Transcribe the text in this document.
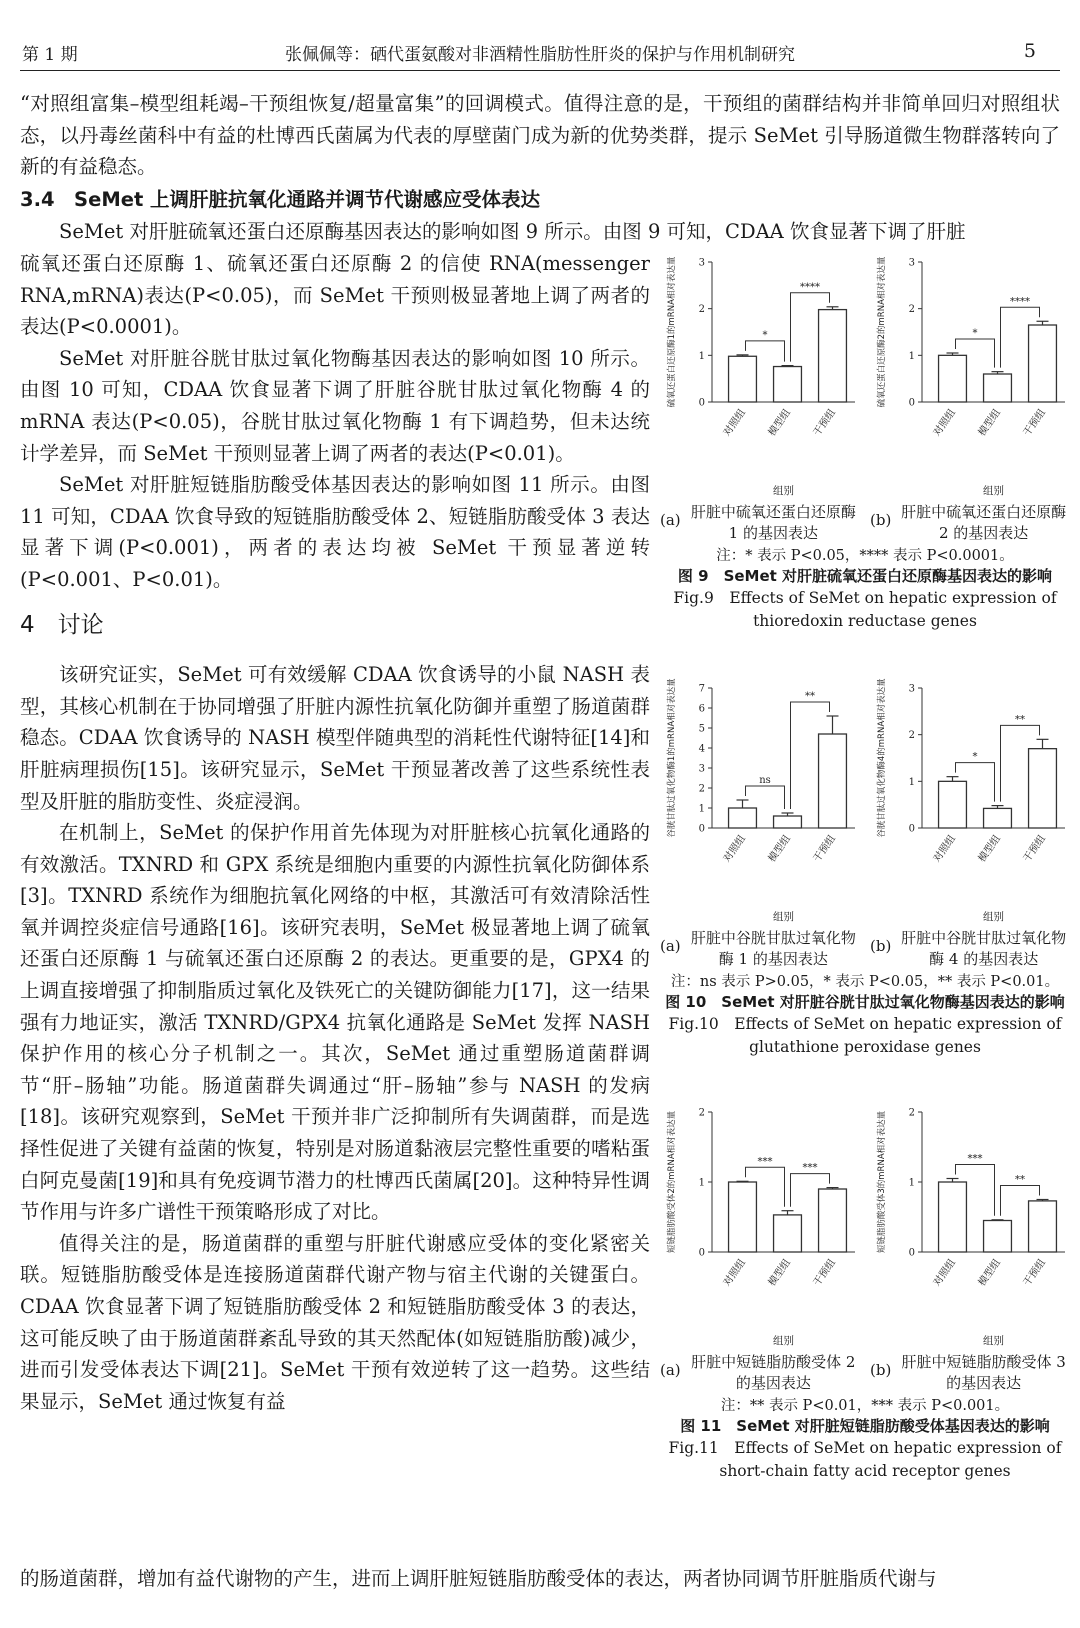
第 1 期	张佩佩等：硒代蛋氨酸对非酒精性脂肪性肝炎的保护与作用机制研究	5

“对照组富集–模型组耗竭–干预组恢复/超量富集”的回调模式。值得注意的是，干预组的菌群结构并非简单回归对照组状态，以丹毒丝菌科中有益的杜博西氏菌属为代表的厚壁菌门成为新的优势类群，提示 SeMet 引导肠道微生物群落转向了新的有益稳态。

3.4　SeMet 上调肝脏抗氧化通路并调节代谢感应受体表达

SeMet 对肝脏硫氧还蛋白还原酶基因表达的影响如图 9 所示。由图 9 可知，CDAA 饮食显著下调了肝脏

硫氧还蛋白还原酶 1、硫氧还蛋白还原酶 2 的信使 RNA(messenger RNA,mRNA)表达(P<0.05)，而 SeMet 干预则极显著地上调了两者的表达(P<0.0001)。

SeMet 对肝脏谷胱甘肽过氧化物酶基因表达的影响如图 10 所示。由图 10 可知，CDAA 饮食显著下调了肝脏谷胱甘肽过氧化物酶 4 的 mRNA 表达(P<0.05)，谷胱甘肽过氧化物酶 1 有下调趋势，但未达统计学差异，而 SeMet 干预则显著上调了两者的表达(P<0.01)。

SeMet 对肝脏短链脂肪酸受体基因表达的影响如图 11 所示。由图 11 可知，CDAA 饮食导致的短链脂肪酸受体 2、短链脂肪酸受体 3 表达显著下调(P<0.001)，两者的表达均被 SeMet 干预显著逆转(P<0.001、P<0.01)。

4　讨论

该研究证实，SeMet 可有效缓解 CDAA 饮食诱导的小鼠 NASH 表型，其核心机制在于协同增强了肝脏内源性抗氧化防御并重塑了肠道菌群稳态。CDAA 饮食诱导的 NASH 模型伴随典型的消耗性代谢特征[14]和肝脏病理损伤[15]。该研究显示，SeMet 干预显著改善了这些系统性表型及肝脏的脂肪变性、炎症浸润。

在机制上，SeMet 的保护作用首先体现为对肝脏核心抗氧化通路的有效激活。TXNRD 和 GPX 系统是细胞内重要的内源性抗氧化防御体系[3]。TXNRD 系统作为细胞抗氧化网络的中枢，其激活可有效清除活性氧并调控炎症信号通路[16]。该研究表明，SeMet 极显著地上调了硫氧还蛋白还原酶 1 与硫氧还蛋白还原酶 2 的表达。更重要的是，GPX4 的上调直接增强了抑制脂质过氧化及铁死亡的关键防御能力[17]，这一结果强有力地证实，激活 TXNRD/GPX4 抗氧化通路是 SeMet 发挥 NASH 保护作用的核心分子机制之一。其次，SeMet 通过重塑肠道菌群调节“肝–肠轴”功能。肠道菌群失调通过“肝–肠轴”参与 NASH 的发病[18]。该研究观察到，SeMet 干预并非广泛抑制所有失调菌群，而是选择性促进了关键有益菌的恢复，特别是对肠道黏液层完整性重要的嗜粘蛋白阿克曼菌[19]和具有免疫调节潜力的杜博西氏菌属[20]。这种特异性调节作用与许多广谱性干预策略形成了对比。

值得关注的是，肠道菌群的重塑与肝脏代谢感应受体的变化紧密关联。短链脂肪酸受体是连接肠道菌群代谢产物与宿主代谢的关键蛋白。CDAA 饮食显著下调了短链脂肪酸受体 2 和短链脂肪酸受体 3 的表达，这可能反映了由于肠道菌群紊乱导致的其天然配体(如短链脂肪酸)减少，进而引发受体表达下调[21]。SeMet 干预有效逆转了这一趋势。这些结果显示，SeMet 通过恢复有益

的肠道菌群，增加有益代谢物的产生，进而上调肝脏短链脂肪酸受体的表达，两者协同调节肝脏脂质代谢与

硫氧还蛋白还原酶1的mRNA相对表达量 0
1
2
3
对照组 模型组 干预组
组别
*
****	硫氧还蛋白还原酶2的mRNA相对表达量 0
1
2
3
对照组 模型组 干预组
组别
*
****
(a) 肝脏中硫氧还蛋白还原酶 1 的基因表达
(b) 肝脏中硫氧还蛋白还原酶 2 的基因表达
注：* 表示 P<0.05，**** 表示 P<0.0001。
图 9　SeMet 对肝脏硫氧还蛋白还原酶基因表达的影响
Fig.9　Effects of SeMet on hepatic expression of thioredoxin reductase genes
谷胱甘肽过氧化物酶1的mRNA相对表达量 0
1
2
3
4
5
6
7
对照组 模型组 干预组
组别
ns
**	谷胱甘肽过氧化物酶4的mRNA相对表达量 0
1
2
3
对照组 模型组 干预组
组别
*
**
(a) 肝脏中谷胱甘肽过氧化物酶 1 的基因表达
(b) 肝脏中谷胱甘肽过氧化物酶 4 的基因表达
注：ns 表示 P>0.05，* 表示 P<0.05，** 表示 P<0.01。
图 10　SeMet 对肝脏谷胱甘肽过氧化物酶基因表达的影响
Fig.10　Effects of SeMet on hepatic expression of glutathione peroxidase genes
短链脂肪酸受体2的mRNA相对表达量 0
1
2
对照组 模型组 干预组
组别
***
***	短链脂肪酸受体3的mRNA相对表达量 0
1
2
对照组 模型组 干预组
组别
***
**
(a) 肝脏中短链脂肪酸受体 2 的基因表达
(b) 肝脏中短链脂肪酸受体 3 的基因表达
注：** 表示 P<0.01，*** 表示 P<0.001。
图 11　SeMet 对肝脏短链脂肪酸受体基因表达的影响
Fig.11　Effects of SeMet on hepatic expression of short-chain fatty acid receptor genes
